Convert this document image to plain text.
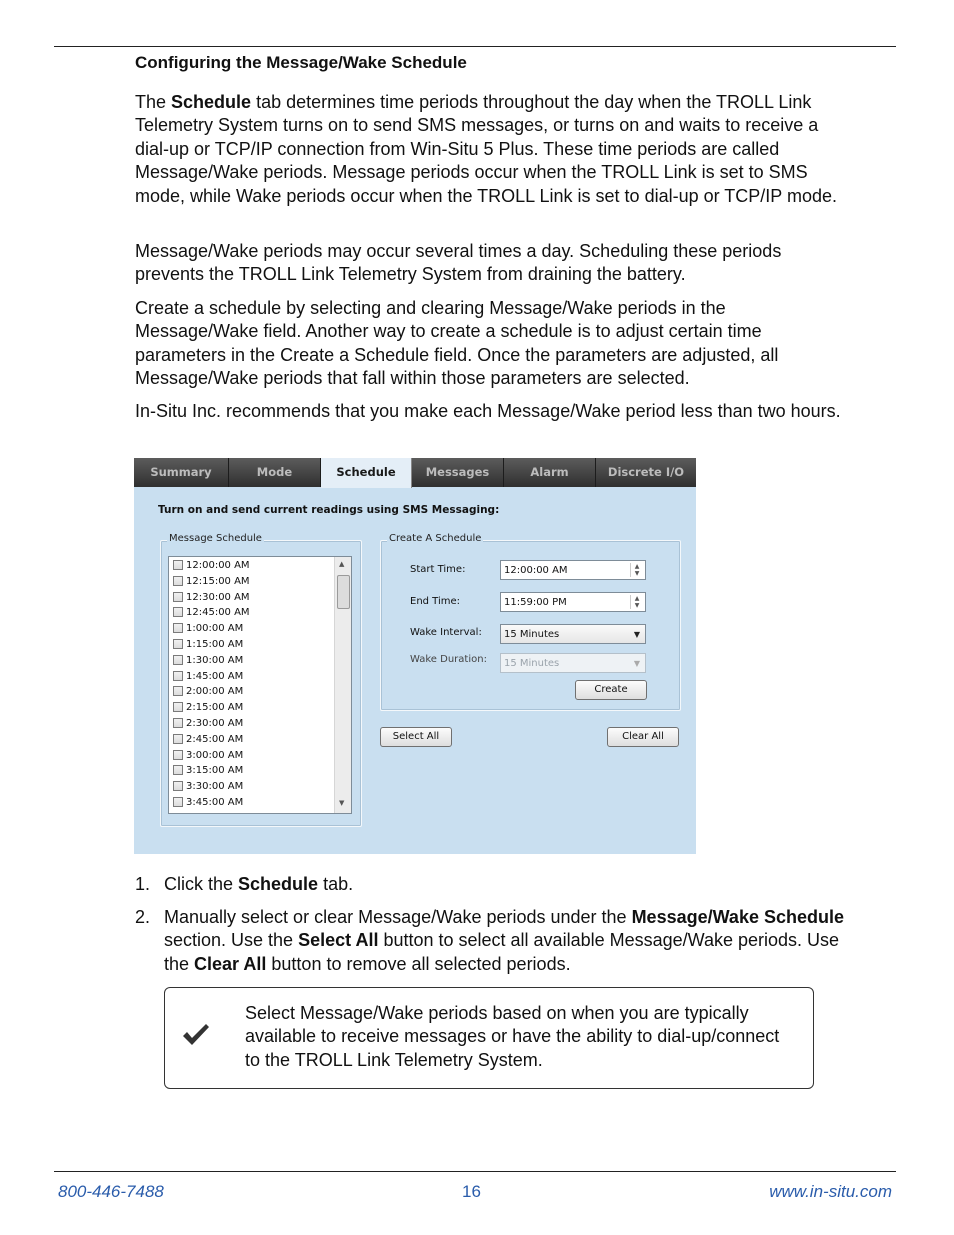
Configuring the Message/Wake Schedule

The Schedule tab determines time periods throughout the day when the TROLL Link Telemetry System turns on to send SMS messages, or turns on and waits to receive a dial-up or TCP/IP connection from Win-Situ 5 Plus. These time periods are called Message/Wake periods. Message periods occur when the TROLL Link is set to SMS mode, while Wake periods occur when the TROLL Link is set to dial-up or TCP/IP mode.

Message/Wake periods may occur several times a day. Scheduling these periods prevents the TROLL Link Telemetry System from draining the battery.

Create a schedule by selecting and clearing Message/Wake periods in the Message/Wake field. Another way to create a schedule is to adjust certain time parameters in the Create a Schedule field. Once the parameters are adjusted, all Message/Wake periods that fall within those parameters are selected.

In-Situ Inc. recommends that you make each Message/Wake period less than two hours.

Summary	Mode	Schedule	Messages	Alarm	Discrete I/O
Turn on and send current readings using SMS Messaging:
Message Schedule
12:00:00 AM
12:15:00 AM
12:30:00 AM
12:45:00 AM
1:00:00 AM
1:15:00 AM
1:30:00 AM
1:45:00 AM
2:00:00 AM
2:15:00 AM
2:30:00 AM
2:45:00 AM
3:00:00 AM
3:15:00 AM
3:30:00 AM
3:45:00 AM
▲
▼
Create A Schedule
Start Time:	12:00:00 AM	▲
▼
End Time:	11:59:00 PM	▲
▼
Wake Interval:	15 Minutes	▼
Wake Duration:	15 Minutes	▼
Create
Select All	Clear All
1. Click the Schedule tab.
2. Manually select or clear Message/Wake periods under the Message/Wake Schedule section. Use the Select All button to select all available Message/Wake periods. Use the Clear All button to remove all selected periods.
Select Message/Wake periods based on when you are typically available to receive messages or have the ability to dial-up/connect to the TROLL Link Telemetry System.
800-446-7488	16	www.in-situ.com
